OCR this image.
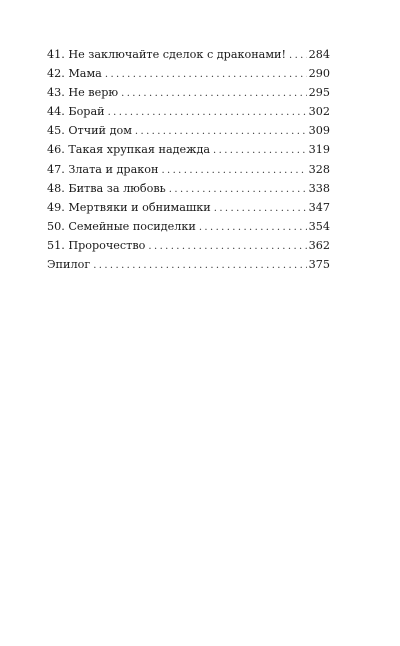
41. Не заключайте сделок с драконами! ..... 284
42. Мама .....	290
43. Не верю .....	295
44. Борай .....	302
45. Отчий дом .....	309
46. Такая хрупкая надежда .....	319
47. Злата и дракон .....	328
48. Битва за любовь .....	338
49. Мертвяки и обнимашки .....	347
50. Семейные посиделки .....	354
51. Пророчество .....	362
Эпилог .....	375
